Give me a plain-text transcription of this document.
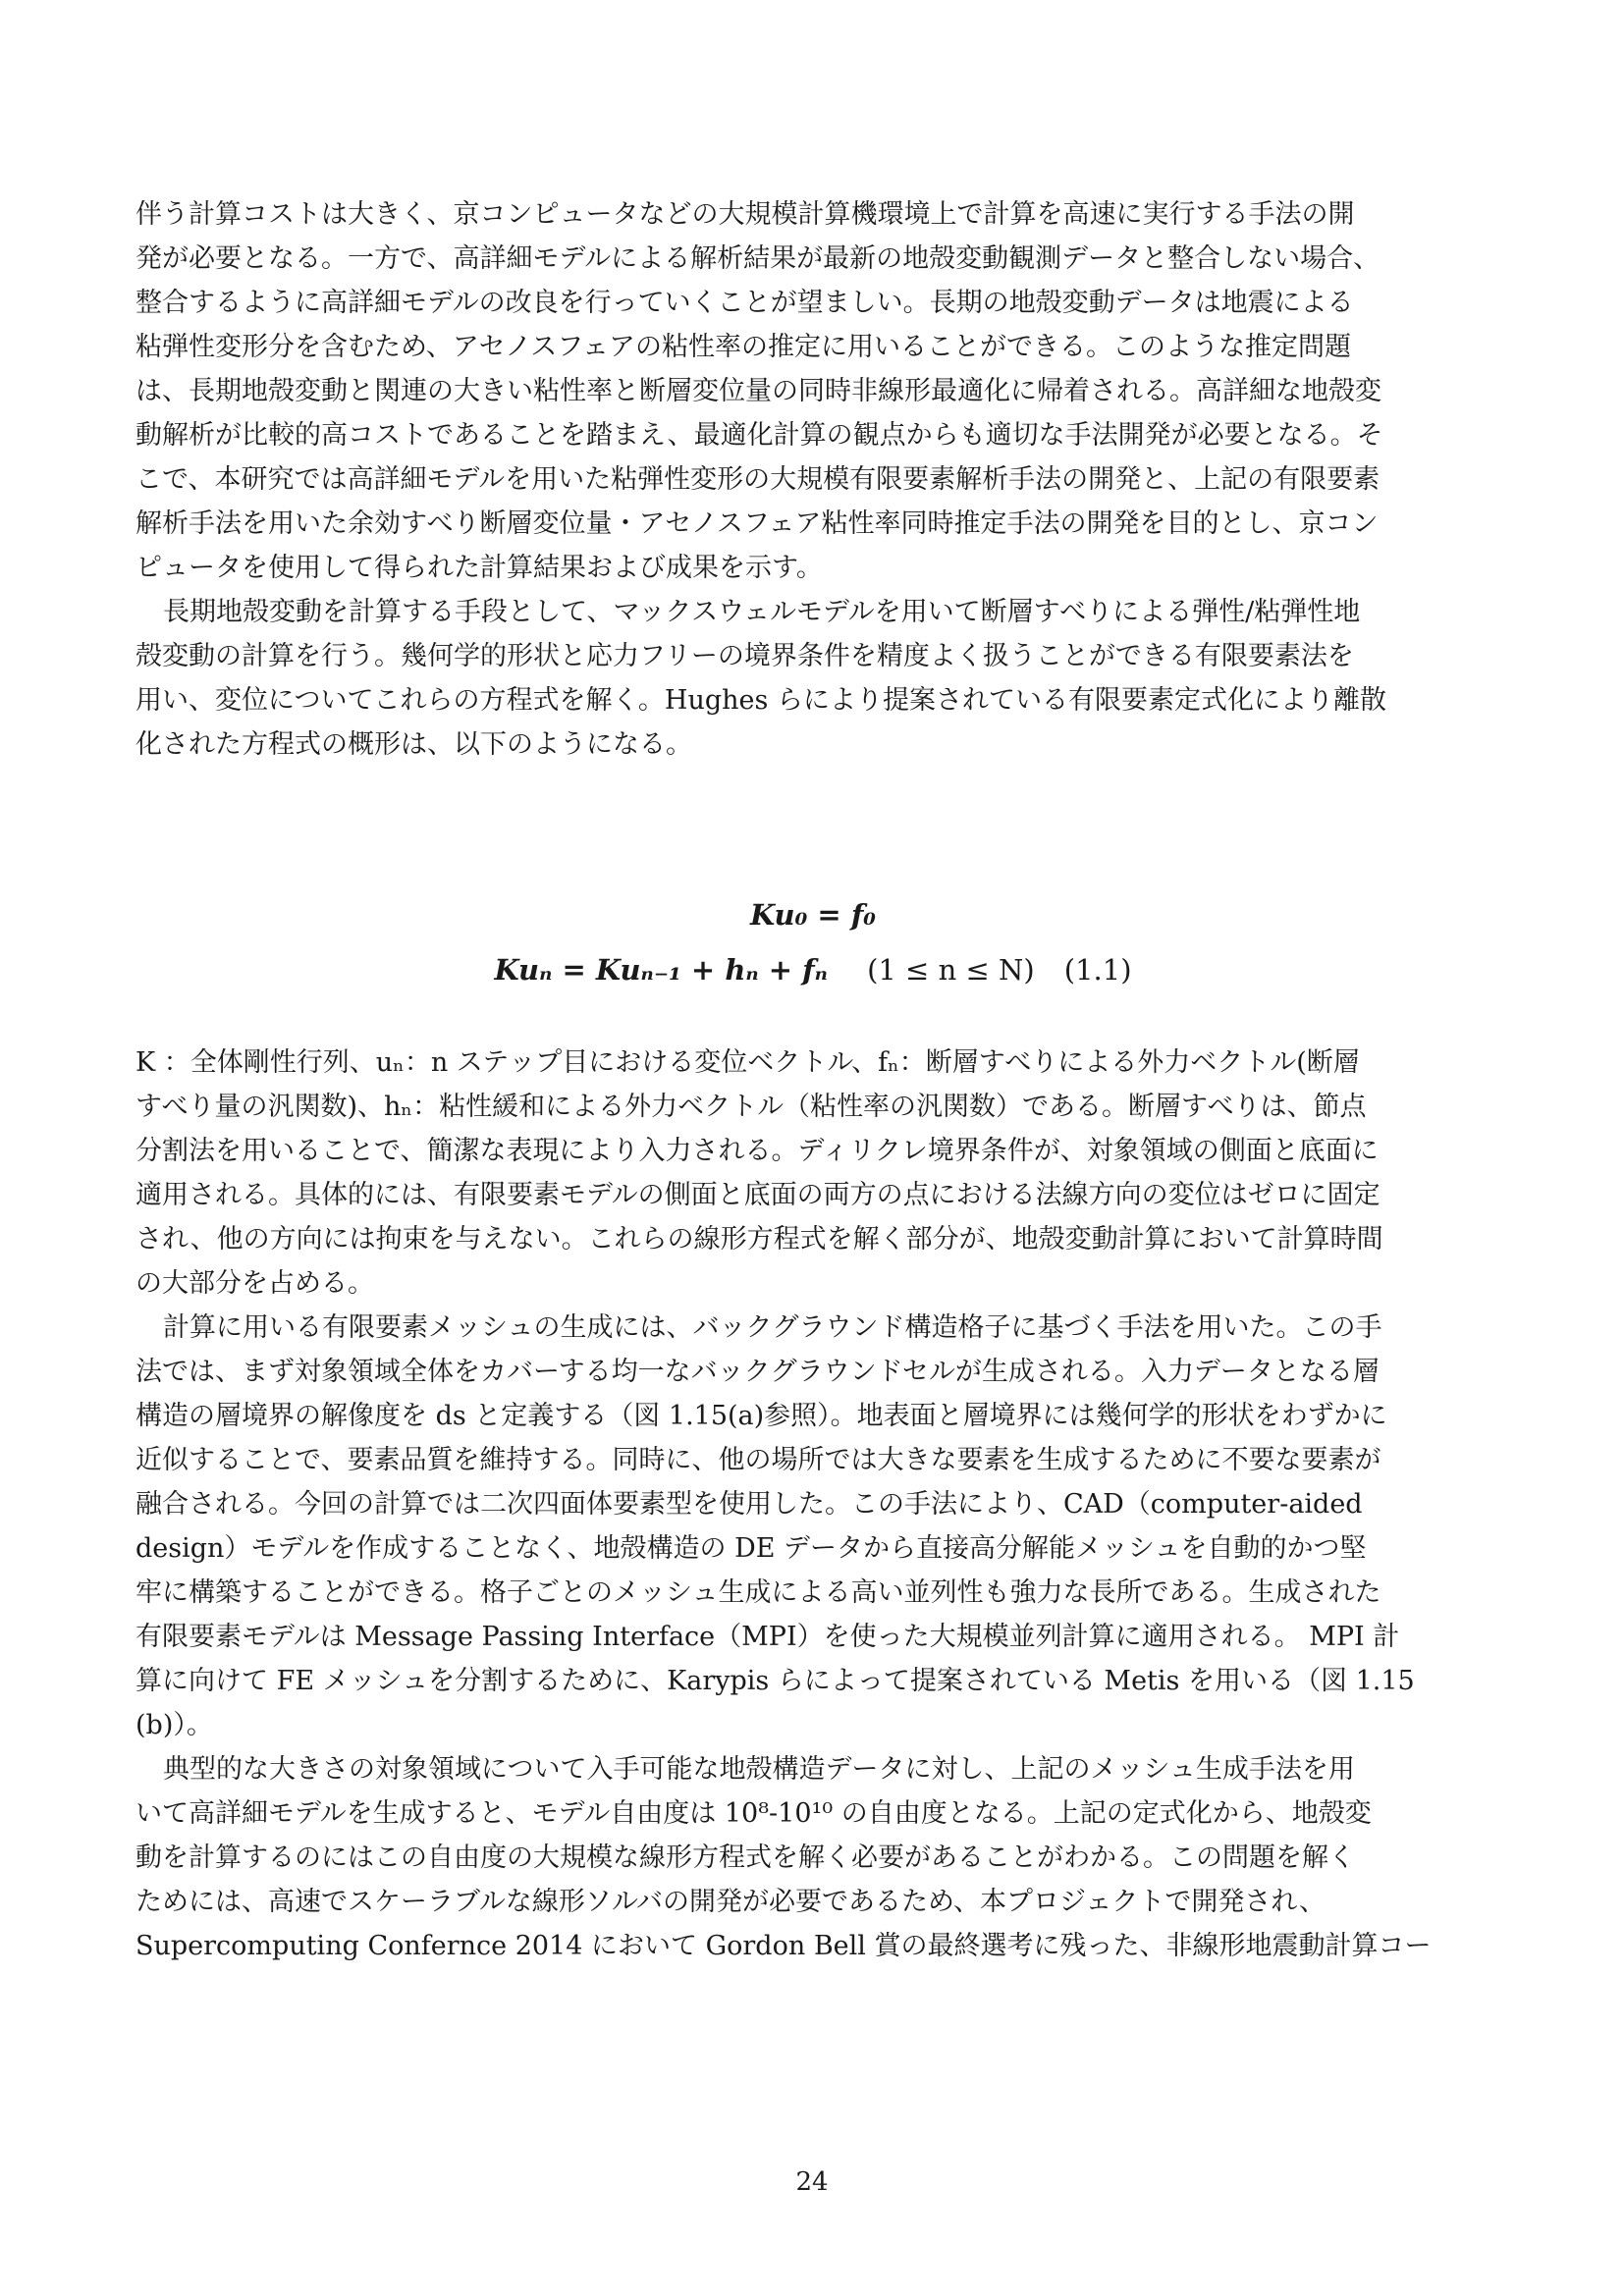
伴う計算コストは大きく、京コンピュータなどの大規模計算機環境上で計算を高速に実行する手法の開
発が必要となる。一方で、高詳細モデルによる解析結果が最新の地殻変動観測データと整合しない場合、
整合するように高詳細モデルの改良を行っていくことが望ましい。長期の地殻変動データは地震による
粘弾性変形分を含むため、アセノスフェアの粘性率の推定に用いることができる。このような推定問題
は、長期地殻変動と関連の大きい粘性率と断層変位量の同時非線形最適化に帰着される。高詳細な地殻変
動解析が比較的高コストであることを踏まえ、最適化計算の観点からも適切な手法開発が必要となる。そ
こで、本研究では高詳細モデルを用いた粘弾性変形の大規模有限要素解析手法の開発と、上記の有限要素
解析手法を用いた余効すべり断層変位量・アセノスフェア粘性率同時推定手法の開発を目的とし、京コン
ピュータを使用して得られた計算結果および成果を示す。
長期地殻変動を計算する手段として、マックスウェルモデルを用いて断層すべりによる弾性/粘弾性地
殻変動の計算を行う。幾何学的形状と応力フリーの境界条件を精度よく扱うことができる有限要素法を
用い、変位についてこれらの方程式を解く。Hughes らにより提案されている有限要素定式化により離散
化された方程式の概形は、以下のようになる。
Ku₀ = f₀
Kuₙ = Kuₙ₋₁ + hₙ + fₙ (1 ≤ n ≤ N) (1.1)
K ：全体剛性行列、uₙ：n ステップ目における変位ベクトル、fₙ：断層すべりによる外力ベクトル(断層
すべり量の汎関数)、hₙ：粘性緩和による外力ベクトル（粘性率の汎関数）である。断層すべりは、節点
分割法を用いることで、簡潔な表現により入力される。ディリクレ境界条件が、対象領域の側面と底面に
適用される。具体的には、有限要素モデルの側面と底面の両方の点における法線方向の変位はゼロに固定
され、他の方向には拘束を与えない。これらの線形方程式を解く部分が、地殻変動計算において計算時間
の大部分を占める。
計算に用いる有限要素メッシュの生成には、バックグラウンド構造格子に基づく手法を用いた。この手
法では、まず対象領域全体をカバーする均一なバックグラウンドセルが生成される。入力データとなる層
構造の層境界の解像度を ds と定義する（図 1.15(a)参照）。地表面と層境界には幾何学的形状をわずかに
近似することで、要素品質を維持する。同時に、他の場所では大きな要素を生成するために不要な要素が
融合される。今回の計算では二次四面体要素型を使用した。この手法により、CAD（computer-aided
design）モデルを作成することなく、地殻構造の DE データから直接高分解能メッシュを自動的かつ堅
牢に構築することができる。格子ごとのメッシュ生成による高い並列性も強力な長所である。生成された
有限要素モデルは Message Passing Interface（MPI）を使った大規模並列計算に適用される。 MPI 計
算に向けて FE メッシュを分割するために、Karypis らによって提案されている Metis を用いる（図 1.15
(b)）。
典型的な大きさの対象領域について入手可能な地殻構造データに対し、上記のメッシュ生成手法を用
いて高詳細モデルを生成すると、モデル自由度は 10⁸-10¹⁰ の自由度となる。上記の定式化から、地殻変
動を計算するのにはこの自由度の大規模な線形方程式を解く必要があることがわかる。この問題を解く
ためには、高速でスケーラブルな線形ソルバの開発が必要であるため、本プロジェクトで開発され、
Supercomputing Confernce 2014 において Gordon Bell 賞の最終選考に残った、非線形地震動計算コー
24
